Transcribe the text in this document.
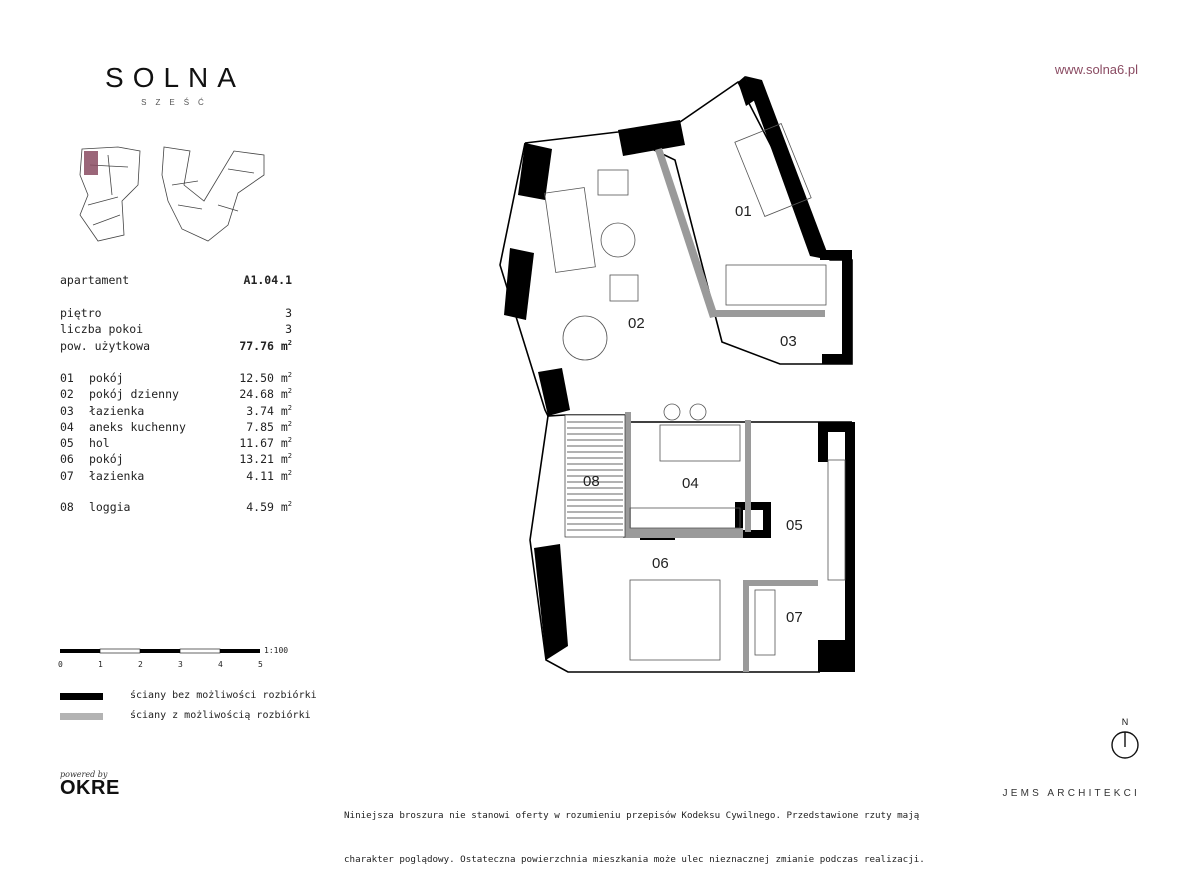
SOLNA
SZEŚĆ
www.solna6.pl
apartament	A1.04.1
piętro	3
liczba pokoi	3
pow. użytkowa	77.76 $m^2$
01 pokój	12.50 $m^2$
02 pokój dzienny	24.68 $m^2$
03 łazienka	3.74 $m^2$
04 aneks kuchenny	7.85 $m^2$
05 hol	11.67 $m^2$
06 pokój	13.21 $m^2$
07 łazienka	4.11 $m^2$
08 loggia	4.59 $m^2$
0	1	2	3	4	5
1:100
ściany bez możliwości rozbiórki
ściany z możliwością rozbiórki
powered by
OKRE

Niniejsza broszura nie stanowi oferty w rozumieniu przepisów Kodeksu Cywilnego. Przedstawione rzuty mają

charakter poglądowy. Ostateczna powierzchnia mieszkania może ulec nieznacznej zmianie podczas realizacji.

JEMS ARCHITEKCI
N
01
02
03
04
05
06
07
08
